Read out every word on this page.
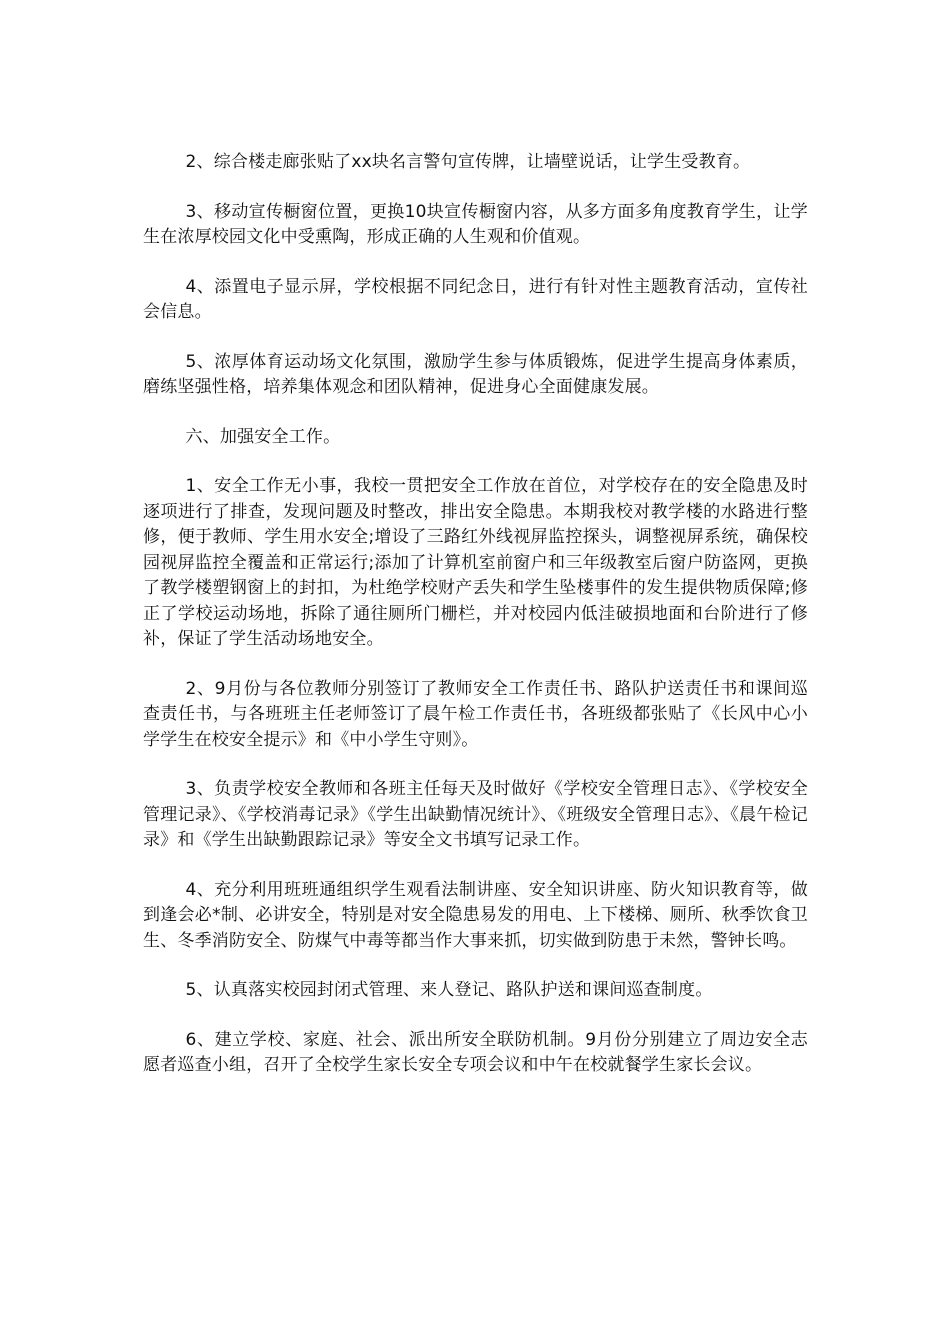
2、综合楼走廊张贴了xx块名言警句宣传牌，让墙壁说话，让学生受教育。

3、移动宣传橱窗位置，更换10块宣传橱窗内容，从多方面多角度教育学生，让学生在浓厚校园文化中受熏陶，形成正确的人生观和价值观。

4、添置电子显示屏，学校根据不同纪念日，进行有针对性主题教育活动，宣传社会信息。

5、浓厚体育运动场文化氛围，激励学生参与体质锻炼，促进学生提高身体素质，磨练坚强性格，培养集体观念和团队精神，促进身心全面健康发展。

六、加强安全工作。

1、安全工作无小事，我校一贯把安全工作放在首位，对学校存在的安全隐患及时逐项进行了排查，发现问题及时整改，排出安全隐患。本期我校对教学楼的水路进行整修，便于教师、学生用水安全;增设了三路红外线视屏监控探头，调整视屏系统，确保校园视屏监控全覆盖和正常运行;添加了计算机室前窗户和三年级教室后窗户防盗网，更换了教学楼塑钢窗上的封扣，为杜绝学校财产丢失和学生坠楼事件的发生提供物质保障;修正了学校运动场地，拆除了通往厕所门栅栏，并对校园内低洼破损地面和台阶进行了修补，保证了学生活动场地安全。

2、9月份与各位教师分别签订了教师安全工作责任书、路队护送责任书和课间巡查责任书，与各班班主任老师签订了晨午检工作责任书，各班级都张贴了《长风中心小学学生在校安全提示》和《中小学生守则》。

3、负责学校安全教师和各班主任每天及时做好《学校安全管理日志》、《学校安全管理记录》、《学校消毒记录》《学生出缺勤情况统计》、《班级安全管理日志》、《晨午检记录》和《学生出缺勤跟踪记录》等安全文书填写记录工作。

4、充分利用班班通组织学生观看法制讲座、安全知识讲座、防火知识教育等，做到逢会必*制、必讲安全，特别是对安全隐患易发的用电、上下楼梯、厕所、秋季饮食卫生、冬季消防安全、防煤气中毒等都当作大事来抓，切实做到防患于未然，警钟长鸣。

5、认真落实校园封闭式管理、来人登记、路队护送和课间巡查制度。

6、建立学校、家庭、社会、派出所安全联防机制。9月份分别建立了周边安全志愿者巡查小组，召开了全校学生家长安全专项会议和中午在校就餐学生家长会议。
